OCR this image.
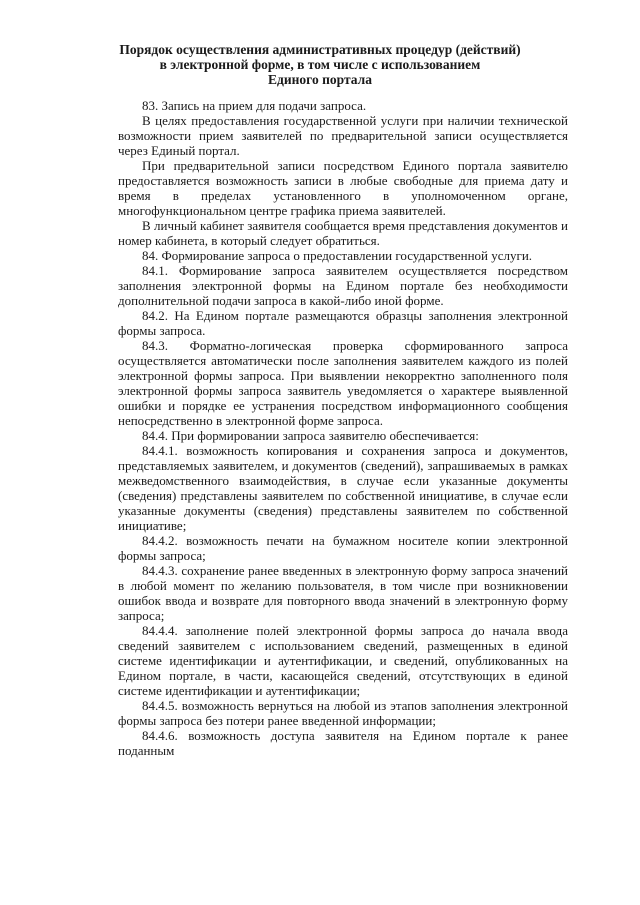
Порядок осуществления административных процедур (действий)
в электронной форме, в том числе с использованием
Единого портала

83. Запись на прием для подачи запроса.

В целях предоставления государственной услуги при наличии технической возможности прием заявителей по предварительной записи осуществляется через Единый портал.

При предварительной записи посредством Единого портала заявителю предоставляется возможность записи в любые свободные для приема дату и время в пределах установленного в уполномоченном органе, многофункциональном центре графика приема заявителей.

В личный кабинет заявителя сообщается время представления документов и номер кабинета, в который следует обратиться.

84. Формирование запроса о предоставлении государственной услуги.

84.1. Формирование запроса заявителем осуществляется посредством заполнения электронной формы на Едином портале без необходимости дополнительной подачи запроса в какой-либо иной форме.

84.2. На Едином портале размещаются образцы заполнения электронной формы запроса.

84.3. Форматно-логическая проверка сформированного запроса осуществляется автоматически после заполнения заявителем каждого из полей электронной формы запроса. При выявлении некорректно заполненного поля электронной формы запроса заявитель уведомляется о характере выявленной ошибки и порядке ее устранения посредством информационного сообщения непосредственно в электронной форме запроса.

84.4. При формировании запроса заявителю обеспечивается:

84.4.1. возможность копирования и сохранения запроса и документов, представляемых заявителем, и документов (сведений), запрашиваемых в рамках межведомственного взаимодействия, в случае если указанные документы (сведения) представлены заявителем по собственной инициативе, в случае если указанные документы (сведения) представлены заявителем по собственной инициативе;

84.4.2. возможность печати на бумажном носителе копии электронной формы запроса;

84.4.3. сохранение ранее введенных в электронную форму запроса значений в любой момент по желанию пользователя, в том числе при возникновении ошибок ввода и возврате для повторного ввода значений в электронную форму запроса;

84.4.4. заполнение полей электронной формы запроса до начала ввода сведений заявителем с использованием сведений, размещенных в единой системе идентификации и аутентификации, и сведений, опубликованных на Едином портале, в части, касающейся сведений, отсутствующих в единой системе идентификации и аутентификации;

84.4.5. возможность вернуться на любой из этапов заполнения электронной формы запроса без потери ранее введенной информации;

84.4.6. возможность доступа заявителя на Едином портале к ранее поданным
